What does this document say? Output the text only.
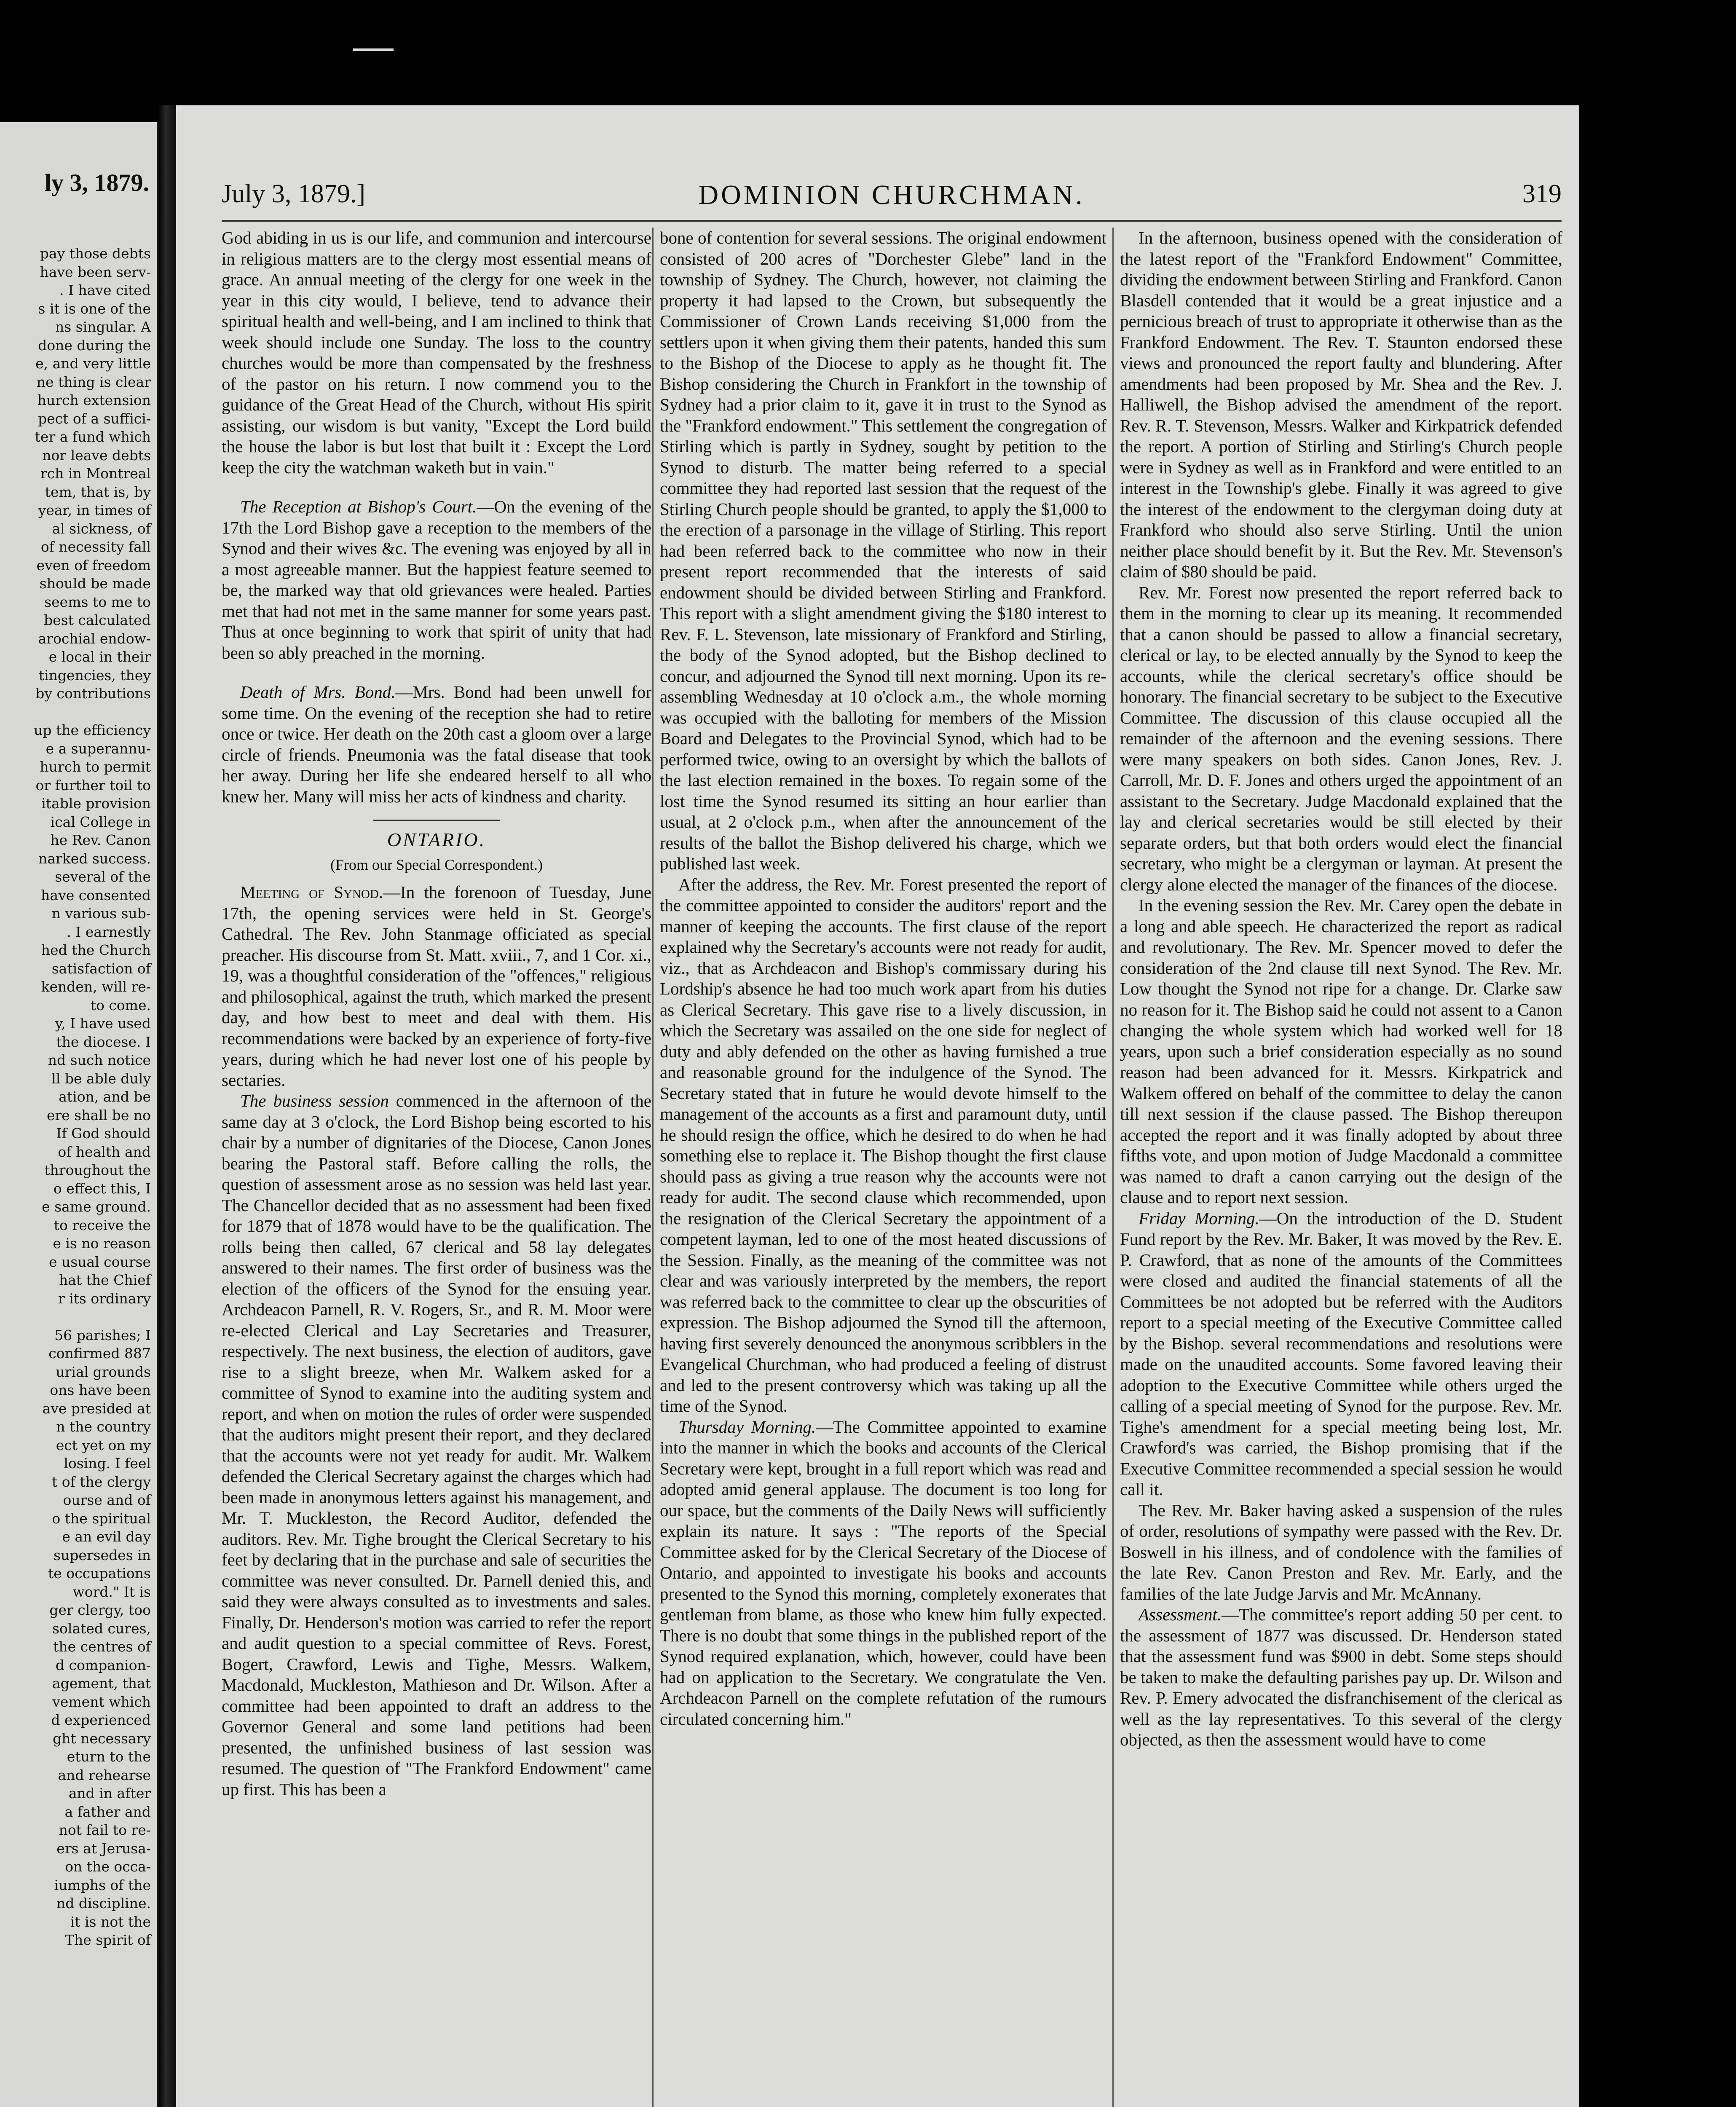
ly 3, 1879.
pay those debts
have been serv-
. I have cited
s it is one of the
ns singular. A
done during the
e, and very little
ne thing is clear
hurch extension
pect of a suffici-
ter a fund which
nor leave debts
rch in Montreal
tem, that is, by
year, in times of
al sickness, of
of necessity fall
even of freedom
should be made
seems to me to
best calculated
arochial endow-
e local in their
tingencies, they
by contributions

up the efficiency
e a superannu-
hurch to permit
or further toil to
itable provision
ical College in
he Rev. Canon
narked success.
several of the
have consented
n various sub-
. I earnestly
hed the Church
satisfaction of
kenden, will re-
to come.
y, I have used
the diocese. I
nd such notice
ll be able duly
ation, and be
ere shall be no
If God should
of health and
throughout the
o effect this, I
e same ground.
to receive the
e is no reason
e usual course
hat the Chief
r its ordinary

56 parishes; I
confirmed 887
urial grounds
ons have been
ave presided at
n the country
ect yet on my
losing. I feel
t of the clergy
ourse and of
o the spiritual
e an evil day
supersedes in
te occupations
word." It is
ger clergy, too
solated cures,
the centres of
d companion-
agement, that
vement which
d experienced
ght necessary
eturn to the
and rehearse
and in after
a father and
not fail to re-
ers at Jerusa-
on the occa-
iumphs of the
nd discipline.
it is not the
The spirit of
July 3, 1879.]	DOMINION CHURCHMAN.	319

God abiding in us is our life, and communion and intercourse in religious matters are to the clergy most essential means of grace. An annual meeting of the clergy for one week in the year in this city would, I believe, tend to advance their spiritual health and well-being, and I am inclined to think that week should include one Sunday. The loss to the country churches would be more than compensated by the freshness of the pastor on his return. I now commend you to the guidance of the Great Head of the Church, without His spirit assisting, our wisdom is but vanity, "Except the Lord build the house the labor is but lost that built it : Except the Lord keep the city the watchman waketh but in vain."

The Reception at Bishop's Court.—On the evening of the 17th the Lord Bishop gave a reception to the members of the Synod and their wives &c. The evening was enjoyed by all in a most agreeable manner. But the happiest feature seemed to be, the marked way that old grievances were healed. Parties met that had not met in the same manner for some years past. Thus at once beginning to work that spirit of unity that had been so ably preached in the morning.

Death of Mrs. Bond.—Mrs. Bond had been unwell for some time. On the evening of the reception she had to retire once or twice. Her death on the 20th cast a gloom over a large circle of friends. Pneumonia was the fatal disease that took her away. During her life she endeared herself to all who knew her. Many will miss her acts of kindness and charity.

ONTARIO.
(From our Special Correspondent.)

Meeting of Synod.—In the forenoon of Tuesday, June 17th, the opening services were held in St. George's Cathedral. The Rev. John Stanmage officiated as special preacher. His discourse from St. Matt. xviii., 7, and 1 Cor. xi., 19, was a thoughtful consideration of the "offences," religious and philosophical, against the truth, which marked the present day, and how best to meet and deal with them. His recommendations were backed by an experience of forty-five years, during which he had never lost one of his people by sectaries.

The business session commenced in the afternoon of the same day at 3 o'clock, the Lord Bishop being escorted to his chair by a number of dignitaries of the Diocese, Canon Jones bearing the Pastoral staff. Before calling the rolls, the question of assessment arose as no session was held last year. The Chancellor decided that as no assessment had been fixed for 1879 that of 1878 would have to be the qualification. The rolls being then called, 67 clerical and 58 lay delegates answered to their names. The first order of business was the election of the officers of the Synod for the ensuing year. Archdeacon Parnell, R. V. Rogers, Sr., and R. M. Moor were re-elected Clerical and Lay Secretaries and Treasurer, respectively. The next business, the election of auditors, gave rise to a slight breeze, when Mr. Walkem asked for a committee of Synod to examine into the auditing system and report, and when on motion the rules of order were suspended that the auditors might present their report, and they declared that the accounts were not yet ready for audit. Mr. Walkem defended the Clerical Secretary against the charges which had been made in anonymous letters against his management, and Mr. T. Muckleston, the Record Auditor, defended the auditors. Rev. Mr. Tighe brought the Clerical Secretary to his feet by declaring that in the purchase and sale of securities the committee was never consulted. Dr. Parnell denied this, and said they were always consulted as to investments and sales. Finally, Dr. Henderson's motion was carried to refer the report and audit question to a special committee of Revs. Forest, Bogert, Crawford, Lewis and Tighe, Messrs. Walkem, Macdonald, Muckleston, Mathieson and Dr. Wilson. After a committee had been appointed to draft an address to the Governor General and some land petitions had been presented, the unfinished business of last session was resumed. The question of "The Frankford Endowment" came up first. This has been a

bone of contention for several sessions. The original endowment consisted of 200 acres of "Dorchester Glebe" land in the township of Sydney. The Church, however, not claiming the property it had lapsed to the Crown, but subsequently the Commissioner of Crown Lands receiving $1,000 from the settlers upon it when giving them their patents, handed this sum to the Bishop of the Diocese to apply as he thought fit. The Bishop considering the Church in Frankfort in the township of Sydney had a prior claim to it, gave it in trust to the Synod as the "Frankford endowment." This settlement the congregation of Stirling which is partly in Sydney, sought by petition to the Synod to disturb. The matter being referred to a special committee they had reported last session that the request of the Stirling Church people should be granted, to apply the $1,000 to the erection of a parsonage in the village of Stirling. This report had been referred back to the committee who now in their present report recommended that the interests of said endowment should be divided between Stirling and Frankford. This report with a slight amendment giving the $180 interest to Rev. F. L. Stevenson, late missionary of Frankford and Stirling, the body of the Synod adopted, but the Bishop declined to concur, and adjourned the Synod till next morning. Upon its re-assembling Wednesday at 10 o'clock a.m., the whole morning was occupied with the balloting for members of the Mission Board and Delegates to the Provincial Synod, which had to be performed twice, owing to an oversight by which the ballots of the last election remained in the boxes. To regain some of the lost time the Synod resumed its sitting an hour earlier than usual, at 2 o'clock p.m., when after the announcement of the results of the ballot the Bishop delivered his charge, which we published last week.

After the address, the Rev. Mr. Forest presented the report of the committee appointed to consider the auditors' report and the manner of keeping the accounts. The first clause of the report explained why the Secretary's accounts were not ready for audit, viz., that as Archdeacon and Bishop's commissary during his Lordship's absence he had too much work apart from his duties as Clerical Secretary. This gave rise to a lively discussion, in which the Secretary was assailed on the one side for neglect of duty and ably defended on the other as having furnished a true and reasonable ground for the indulgence of the Synod. The Secretary stated that in future he would devote himself to the management of the accounts as a first and paramount duty, until he should resign the office, which he desired to do when he had something else to replace it. The Bishop thought the first clause should pass as giving a true reason why the accounts were not ready for audit. The second clause which recommended, upon the resignation of the Clerical Secretary the appointment of a competent layman, led to one of the most heated discussions of the Session. Finally, as the meaning of the committee was not clear and was variously interpreted by the members, the report was referred back to the committee to clear up the obscurities of expression. The Bishop adjourned the Synod till the afternoon, having first severely denounced the anonymous scribblers in the Evangelical Churchman, who had produced a feeling of distrust and led to the present controversy which was taking up all the time of the Synod.

Thursday Morning.—The Committee appointed to examine into the manner in which the books and accounts of the Clerical Secretary were kept, brought in a full report which was read and adopted amid general applause. The document is too long for our space, but the comments of the Daily News will sufficiently explain its nature. It says : "The reports of the Special Committee asked for by the Clerical Secretary of the Diocese of Ontario, and appointed to investigate his books and accounts presented to the Synod this morning, completely exonerates that gentleman from blame, as those who knew him fully expected. There is no doubt that some things in the published report of the Synod required explanation, which, however, could have been had on application to the Secretary. We congratulate the Ven. Archdeacon Parnell on the complete refutation of the rumours circulated concerning him."

In the afternoon, business opened with the consideration of the latest report of the "Frankford Endowment" Committee, dividing the endowment between Stirling and Frankford. Canon Blasdell contended that it would be a great injustice and a pernicious breach of trust to appropriate it otherwise than as the Frankford Endowment. The Rev. T. Staunton endorsed these views and pronounced the report faulty and blundering. After amendments had been proposed by Mr. Shea and the Rev. J. Halliwell, the Bishop advised the amendment of the report. Rev. R. T. Stevenson, Messrs. Walker and Kirkpatrick defended the report. A portion of Stirling and Stirling's Church people were in Sydney as well as in Frankford and were entitled to an interest in the Township's glebe. Finally it was agreed to give the interest of the endowment to the clergyman doing duty at Frankford who should also serve Stirling. Until the union neither place should benefit by it. But the Rev. Mr. Stevenson's claim of $80 should be paid.

Rev. Mr. Forest now presented the report referred back to them in the morning to clear up its meaning. It recommended that a canon should be passed to allow a financial secretary, clerical or lay, to be elected annually by the Synod to keep the accounts, while the clerical secretary's office should be honorary. The financial secretary to be subject to the Executive Committee. The discussion of this clause occupied all the remainder of the afternoon and the evening sessions. There were many speakers on both sides. Canon Jones, Rev. J. Carroll, Mr. D. F. Jones and others urged the appointment of an assistant to the Secretary. Judge Macdonald explained that the lay and clerical secretaries would be still elected by their separate orders, but that both orders would elect the financial secretary, who might be a clergyman or layman. At present the clergy alone elected the manager of the finances of the diocese.

In the evening session the Rev. Mr. Carey open the debate in a long and able speech. He characterized the report as radical and revolutionary. The Rev. Mr. Spencer moved to defer the consideration of the 2nd clause till next Synod. The Rev. Mr. Low thought the Synod not ripe for a change. Dr. Clarke saw no reason for it. The Bishop said he could not assent to a Canon changing the whole system which had worked well for 18 years, upon such a brief consideration especially as no sound reason had been advanced for it. Messrs. Kirkpatrick and Walkem offered on behalf of the committee to delay the canon till next session if the clause passed. The Bishop thereupon accepted the report and it was finally adopted by about three fifths vote, and upon motion of Judge Macdonald a committee was named to draft a canon carrying out the design of the clause and to report next session.

Friday Morning.—On the introduction of the D. Student Fund report by the Rev. Mr. Baker, It was moved by the Rev. E. P. Crawford, that as none of the amounts of the Committees were closed and audited the financial statements of all the Committees be not adopted but be referred with the Auditors report to a special meeting of the Executive Committee called by the Bishop. several recommendations and resolutions were made on the unaudited accounts. Some favored leaving their adoption to the Executive Committee while others urged the calling of a special meeting of Synod for the purpose. Rev. Mr. Tighe's amendment for a special meeting being lost, Mr. Crawford's was carried, the Bishop promising that if the Executive Committee recommended a special session he would call it.

The Rev. Mr. Baker having asked a suspension of the rules of order, resolutions of sympathy were passed with the Rev. Dr. Boswell in his illness, and of condolence with the families of the late Rev. Canon Preston and Rev. Mr. Early, and the families of the late Judge Jarvis and Mr. McAnnany.

Assessment.—The committee's report adding 50 per cent. to the assessment of 1877 was discussed. Dr. Henderson stated that the assessment fund was $900 in debt. Some steps should be taken to make the defaulting parishes pay up. Dr. Wilson and Rev. P. Emery advocated the disfranchisement of the clerical as well as the lay representatives. To this several of the clergy objected, as then the assessment would have to come
